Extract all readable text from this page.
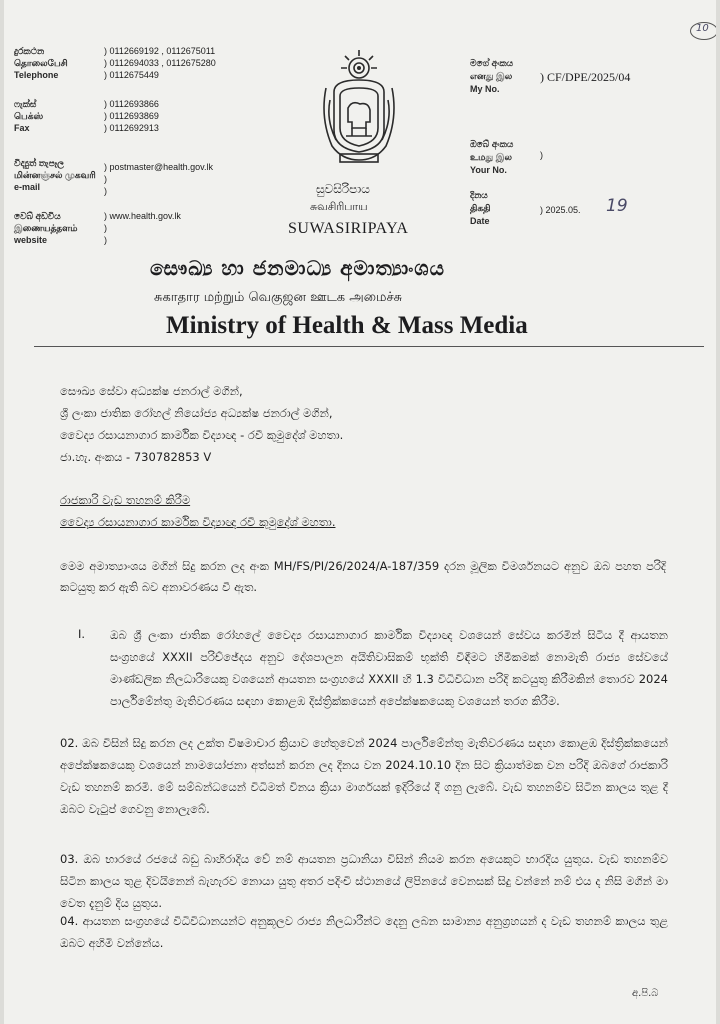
10
දුරකථන
தொலைபேசி
Telephone
) 0112669192 , 0112675011
) 0112694033 , 0112675280
) 0112675449
ෆැක්ස්
பெக்ஸ்
Fax
) 0112693866
) 0112693869
) 0112692913
විද්‍යුත් තැපෑල
மின்னஞ்சல் முகவரி
e-mail
) postmaster@health.gov.lk
)
)
වෙබ් අඩවිය
இணையத்தளம்
website
) www.health.gov.lk
)
)
සුවසිරිපාය
சுவசிரிபாய
SUWASIRIPAYA
මගේ අංකය
எனது இல
My No.
) CF/DPE/2025/04
ඔබේ අංකය
உமது இல
Your No.
)
දිනය
திகதி
Date
) 2025.05. 19
සෞඛ්‍ය හා ජනමාධ්‍ය අමාත්‍යාංශය
சுகாதார மற்றும் வெகுஜன ஊடக அமைச்சு
Ministry of Health & Mass Media
සෞඛ්‍ය සේවා අධ්‍යක්ෂ ජනරාල් මගින්,
ශ්‍රී ලංකා ජාතික රෝහල් නියෝජ්‍ය අධ්‍යක්ෂ ජනරාල් මගින්,
වෛද්‍ය රසායනාගාර කාර්මික විද්‍යාඥ - රවී කුමුදේශ් මහතා.
ජා.හැ. අංකය - 730782853 V
රාජකාරි වැඩ තහනම් කිරීම
වෛද්‍ය රසායනාගාර කාර්මික විද්‍යාඥ රවී කුමුදේශ් මහතා.
මෙම අමාත්‍යාංශය මගින් සිදු කරන ලද අංක MH/FS/PI/26/2024/A-187/359 දරන මූලික විමර්ශනයට අනුව ඔබ පහත පරිදි කටයුතු කර ඇති බව අනාවරණය වී ඇත.
I. ඔබ ශ්‍රී ලංකා ජාතික රෝහලේ වෛද්‍ය රසායනාගාර කාර්මික විද්‍යාඥ වශයෙන් සේවය කරමින් සිටිය දී ආයතන සංග්‍රහයේ XXXII පරිච්ඡේදය අනුව දේශපාලන අයිතිවාසිකම් භුක්ති විඳීමට හිමිකමක් නොමැති රාජ්‍ය සේවයේ මාණ්ඩලික නිලධාරියෙකු වශයෙන් ආයතන සංග්‍රහයේ XXXII හි 1.3 විධිවිධාන පරිදි කටයුතු කිරීමකින් තොරව 2024 පාර්ලිමේන්තු මැතිවරණය සඳහා කොළඹ දිස්ත්‍රික්කයෙන් අපේක්ෂකයෙකු වශයෙන් තරග කිරීම.
02. ඔබ විසින් සිදු කරන ලද උක්ත විෂමාචාර ක්‍රියාව හේතුවෙන් 2024 පාර්ලිමේන්තු මැතිවරණය සඳහා කොළඹ දිස්ත්‍රික්කයෙන් අපේක්ෂකයෙකු වශයෙන් නාමයෝජනා අත්සන් කරන ලද දිනය වන 2024.10.10 දින සිට ක්‍රියාත්මක වන පරිදි ඔබගේ රාජකාරි වැඩ තහනම් කරමි. මේ සම්බන්ධයෙන් විධිමත් විනය ක්‍රියා මාර්ගයක් ඉදිරියේ දී ගනු ලැබේ. වැඩ තහනම්ව සිටින කාලය තුළ දී ඔබට වැටුප් ගෙවනු නොලැබේ.
03. ඔබ භාරයේ රජයේ බඩු බාහිරාදිය වේ නම් ආයතන ප්‍රධානියා විසින් නියම කරන අයෙකුට භාරදිය යුතුය. වැඩ තහනම්ව සිටින කාලය තුළ දිවයිනෙන් බැහැරව නොයා යුතු අතර පදිංචි ස්ථානයේ ලිපිනයේ වෙනසක් සිදු වන්නේ නම් එය ද නිසි මගින් මා වෙත දැනුම් දිය යුතුය.
04. ආයතන සංග්‍රහයේ විධිවිධානයන්ට අනුකූලව රාජ්‍ය නිලධාරීන්ට දෙනු ලබන සාමාන්‍ය අනුග්‍රහයන් ද වැඩ තහනම් කාලය තුළ ඔබට අහිමි වන්නේය.
අ.පි.බ
